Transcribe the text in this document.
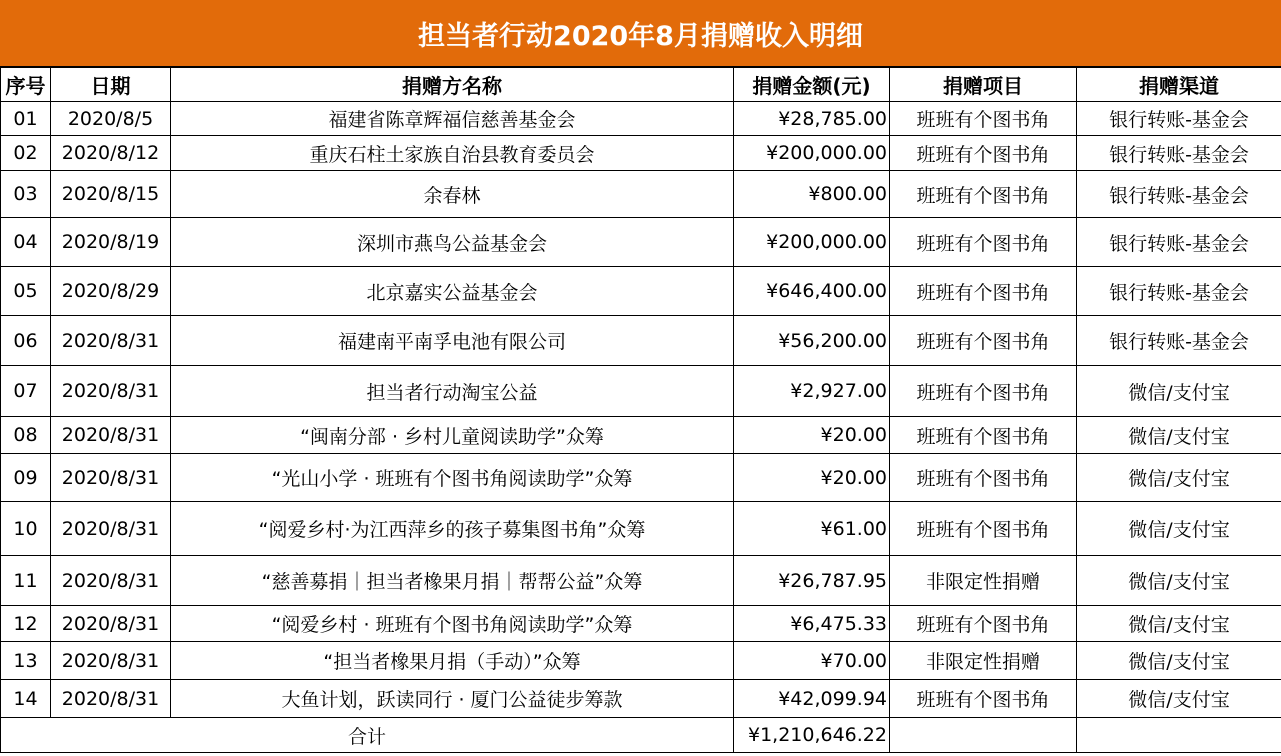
担当者行动2020年8月捐赠收入明细
序号	日期	捐赠方名称	捐赠金额(元)	捐赠项目	捐赠渠道
01	2020/8/5	福建省陈章辉福信慈善基金会	¥28,785.00	班班有个图书角	银行转账-基金会
02	2020/8/12	重庆石柱土家族自治县教育委员会	¥200,000.00	班班有个图书角	银行转账-基金会
03	2020/8/15	余春林	¥800.00	班班有个图书角	银行转账-基金会
04	2020/8/19	深圳市燕鸟公益基金会	¥200,000.00	班班有个图书角	银行转账-基金会
05	2020/8/29	北京嘉实公益基金会	¥646,400.00	班班有个图书角	银行转账-基金会
06	2020/8/31	福建南平南孚电池有限公司	¥56,200.00	班班有个图书角	银行转账-基金会
07	2020/8/31	担当者行动淘宝公益	¥2,927.00	班班有个图书角	微信/支付宝
08	2020/8/31	“闽南分部 · 乡村儿童阅读助学”众筹	¥20.00	班班有个图书角	微信/支付宝
09	2020/8/31	“光山小学 · 班班有个图书角阅读助学”众筹	¥20.00	班班有个图书角	微信/支付宝
10	2020/8/31	“阅爱乡村·为江西萍乡的孩子募集图书角”众筹	¥61.00	班班有个图书角	微信/支付宝
11	2020/8/31	“慈善募捐｜担当者橡果月捐｜帮帮公益”众筹	¥26,787.95	非限定性捐赠	微信/支付宝
12	2020/8/31	“阅爱乡村 · 班班有个图书角阅读助学”众筹	¥6,475.33	班班有个图书角	微信/支付宝
13	2020/8/31	“担当者橡果月捐（手动）”众筹	¥70.00	非限定性捐赠	微信/支付宝
14	2020/8/31	大鱼计划，跃读同行 · 厦门公益徒步筹款	¥42,099.94	班班有个图书角	微信/支付宝
合计			¥1,210,646.22		
